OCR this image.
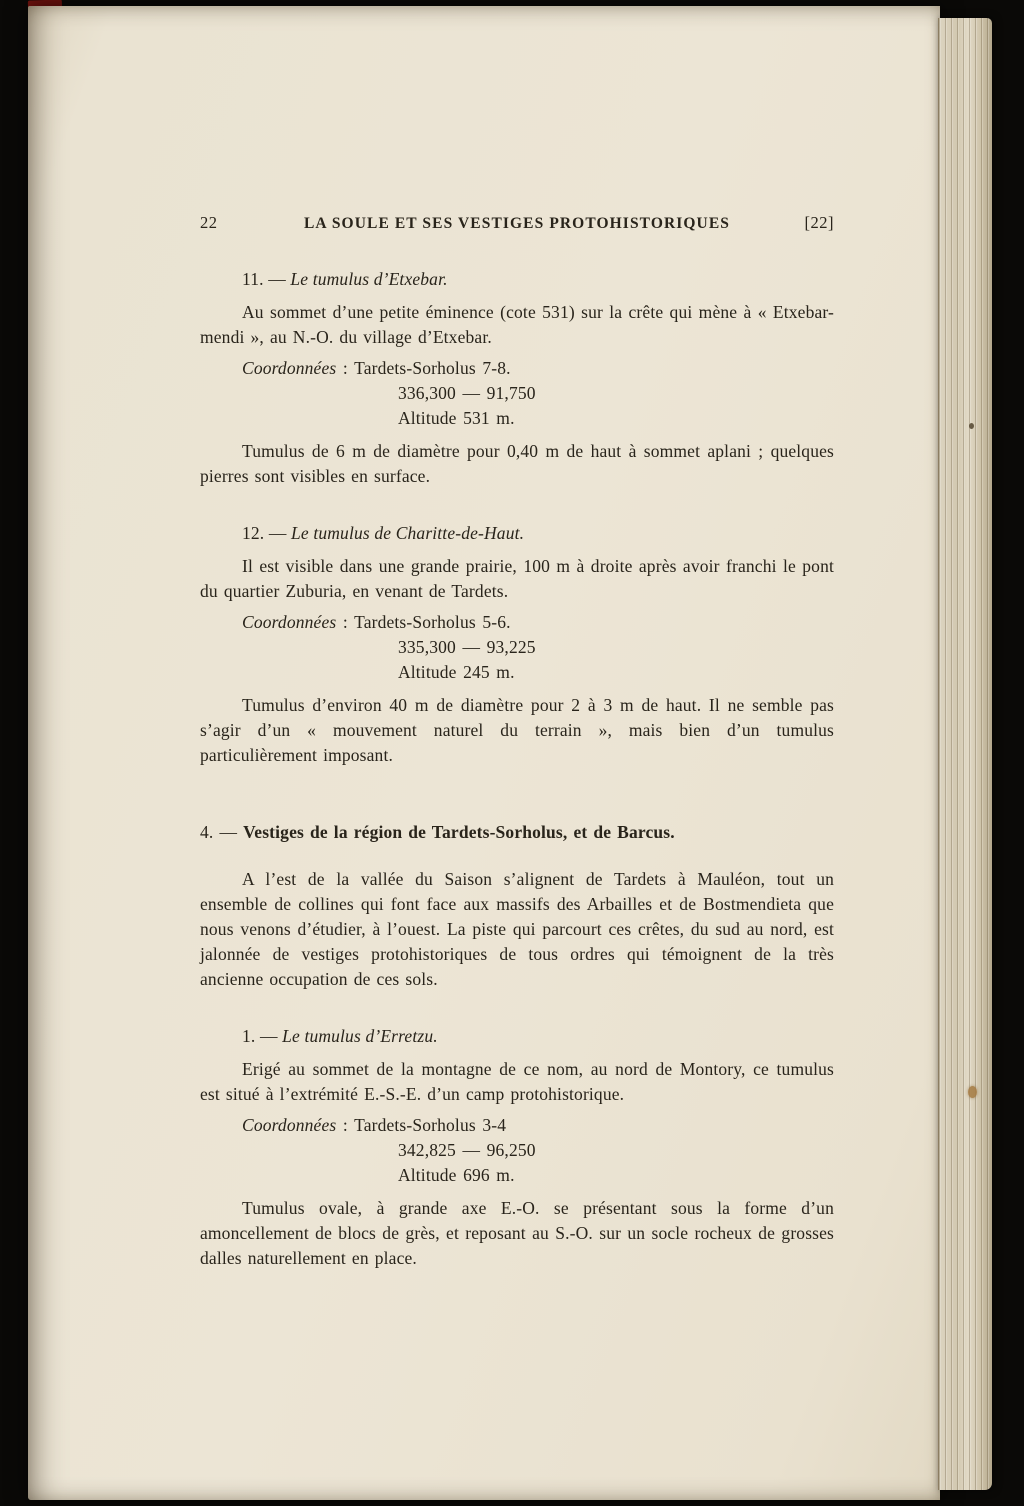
22	LA SOULE ET SES VESTIGES PROTOHISTORIQUES	[22]
11. — Le tumulus d’Etxebar.

Au sommet d’une petite éminence (cote 531) sur la crête qui mène à « Etxebar-mendi », au N.-O. du village d’Etxebar.

Coordonnées : Tardets-Sorholus 7-8.

336,300 — 91,750

Altitude 531 m.

Tumulus de 6 m de diamètre pour 0,40 m de haut à sommet aplani ; quelques pierres sont visibles en surface.

12. — Le tumulus de Charitte-de-Haut.

Il est visible dans une grande prairie, 100 m à droite après avoir franchi le pont du quartier Zuburia, en venant de Tardets.

Coordonnées : Tardets-Sorholus 5-6.

335,300 — 93,225

Altitude 245 m.

Tumulus d’environ 40 m de diamètre pour 2 à 3 m de haut. Il ne semble pas s’agir d’un « mouvement naturel du terrain », mais bien d’un tumulus particulièrement imposant.

4. — Vestiges de la région de Tardets-Sorholus, et de Barcus.

A l’est de la vallée du Saison s’alignent de Tardets à Mauléon, tout un ensemble de collines qui font face aux massifs des Arbailles et de Bostmendieta que nous venons d’étudier, à l’ouest. La piste qui parcourt ces crêtes, du sud au nord, est jalonnée de vestiges protohistoriques de tous ordres qui témoignent de la très ancienne occupation de ces sols.

1. — Le tumulus d’Erretzu.

Erigé au sommet de la montagne de ce nom, au nord de Montory, ce tumulus est situé à l’extrémité E.-S.-E. d’un camp protohistorique.

Coordonnées : Tardets-Sorholus 3-4

342,825 — 96,250

Altitude 696 m.

Tumulus ovale, à grande axe E.-O. se présentant sous la forme d’un amoncellement de blocs de grès, et reposant au S.-O. sur un socle rocheux de grosses dalles naturellement en place.
